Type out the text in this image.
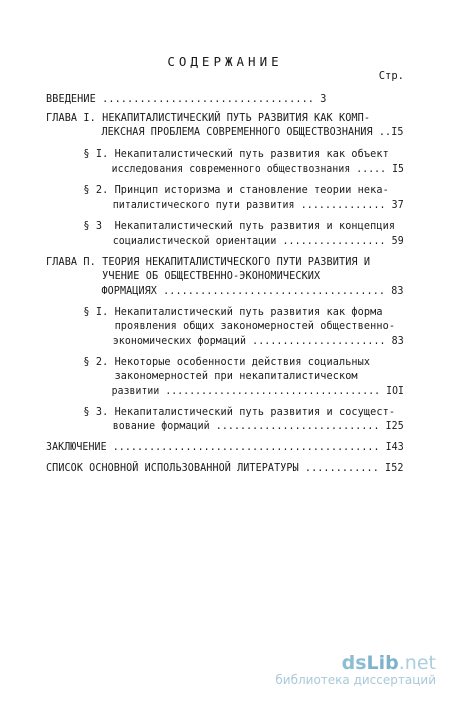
СОДЕРЖАНИЕ
Стр.
ВВЕДЕНИЕ .................................. 3
ГЛАВА I. НЕКАПИТАЛИСТИЧЕСКИЙ ПУТЬ РАЗВИТИЯ КАК КОМП-
ЛЕКСНАЯ ПРОБЛЕМА СОВРЕМЕННОГО ОБЩЕСТВОЗНАНИЯ ..I5
§ I. Некапиталистический путь развития как объект
исследования современного обществознания ..... I5
§ 2. Принцип историзма и становление теории нека-
питалистического пути развития .............. 37
§ 3  Некапиталистический путь развития и концепция
социалистической ориентации ................. 59
ГЛАВА П. ТЕОРИЯ НЕКАПИТАЛИСТИЧЕСКОГО ПУТИ РАЗВИТИЯ И
УЧЕНИЕ ОБ ОБЩЕСТВЕННО-ЭКОНОМИЧЕСКИХ
ФОРМАЦИЯХ .................................... 83
§ I. Некапиталистический путь развития как форма
проявления общих закономерностей общественно-
экономических формаций ...................... 83
§ 2. Некоторые особенности действия социальных
закономерностей при некапиталистическом
развитии .................................... IOI
§ 3. Некапиталистический путь развития и сосущест-
вование формаций ........................... I25
ЗАКЛЮЧЕНИЕ ............................................ I43
СПИСОК ОСНОВНОЙ ИСПОЛЬЗОВАННОЙ ЛИТЕРАТУРЫ ............ I52
dsLib.net
библиотека диссертаций
